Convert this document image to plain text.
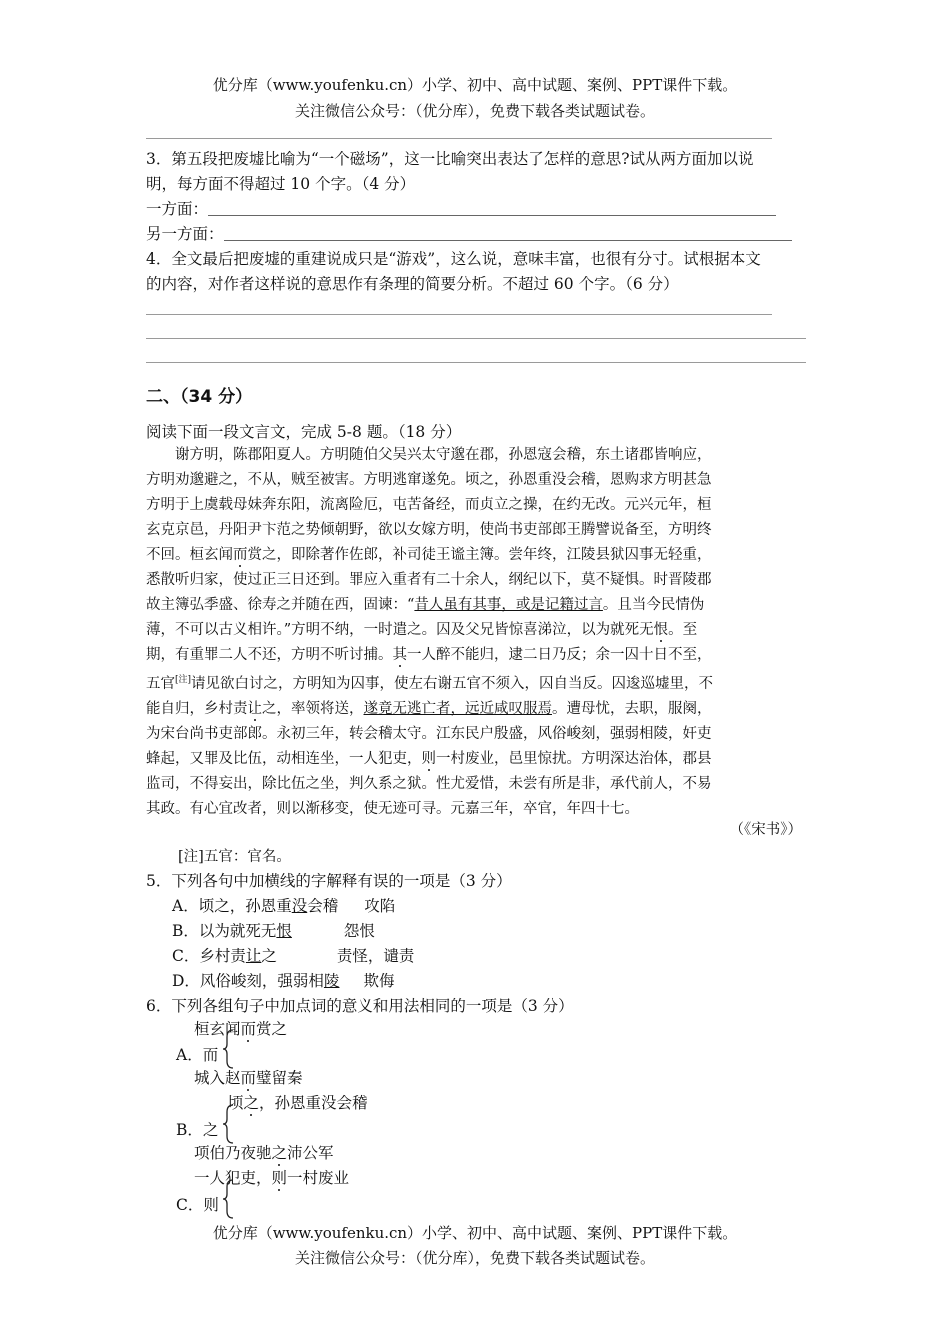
优分库（www.youfenku.cn）小学、初中、高中试题、案例、PPT课件下载。
关注微信公众号：（优分库），免费下载各类试题试卷。
3．第五段把废墟比喻为“一个磁场”，这一比喻突出表达了怎样的意思?试从两方面加以说
明，每方面不得超过 10 个字。（4 分）
一方面：
另一方面：
4．全文最后把废墟的重建说成只是“游戏”，这么说，意味丰富，也很有分寸。试根据本文
的内容，对作者这样说的意思作有条理的简要分析。不超过 60 个字。（6 分）
二、（34 分）
阅读下面一段文言文，完成 5-8 题。（18 分）
谢方明，陈郡阳夏人。方明随伯父吴兴太守邈在郡，孙恩寇会稽，东土诸郡皆响应，
方明劝邈避之，不从，贼至被害。方明逃窜遂免。顷之，孙恩重没会稽，恩购求方明甚急
方明于上虞载母妹奔东阳，流离险厄，屯苦备经，而贞立之操，在约无改。元兴元年，桓
玄克京邑，丹阳尹卞范之势倾朝野，欲以女嫁方明，使尚书吏部郎王腾譬说备至，方明终
不回。桓玄闻而赏之，即除著作佐郎，补司徒王谧主簿。尝年终，江陵县狱囚事无轻重，
悉散听归家，使过正三日还到。罪应入重者有二十余人，纲纪以下，莫不疑惧。时晋陵郡
故主簿弘季盛、徐寿之并随在西，固谏：“昔人虽有其事，或是记籍过言。且当今民情伪
薄，不可以古义相许。”方明不纳，一时遣之。囚及父兄皆惊喜涕泣，以为就死无恨。至
期，有重罪二人不还，方明不听讨捕。其一人醉不能归，逮二日乃反；余一囚十日不至，
五官[注]请见欲白讨之，方明知为囚事，使左右谢五官不须入，囚自当反。囚逡巡墟里，不
能自归，乡村责让之，率领将送，遂竟无逃亡者，远近咸叹服焉。遭母忧，去职，服阕，
为宋台尚书吏部郎。永初三年，转会稽太守。江东民户殷盛，风俗峻刻，强弱相陵，奸吏
蜂起，又罪及比伍，动相连坐，一人犯吏，则一村废业，邑里惊扰。方明深达治体，郡县
监司，不得妄出，除比伍之坐，判久系之狱。性尤爱惜，未尝有所是非，承代前人，不易
其政。有心宜改者，则以渐移变，使无迹可寻。元嘉三年，卒官，年四十七。
（《宋书》）
[注]五官：官名。
5．下列各句中加横线的字解释有误的一项是（3 分）
A．顷之，孙恩重没会稽 攻陷
B．以为就死无恨	怨恨
C．乡村责让之	责怪，谴责
D．风俗峻刻，强弱相陵 欺侮
6．下列各组句子中加点词的意义和用法相同的一项是（3 分）
桓玄闻而赏之
A．而
城入赵而璧留秦
顷之，孙恩重没会稽
B．之
项伯乃夜驰之沛公军
一人犯吏，则一村废业
C．则
优分库（www.youfenku.cn）小学、初中、高中试题、案例、PPT课件下载。
关注微信公众号：（优分库），免费下载各类试题试卷。
